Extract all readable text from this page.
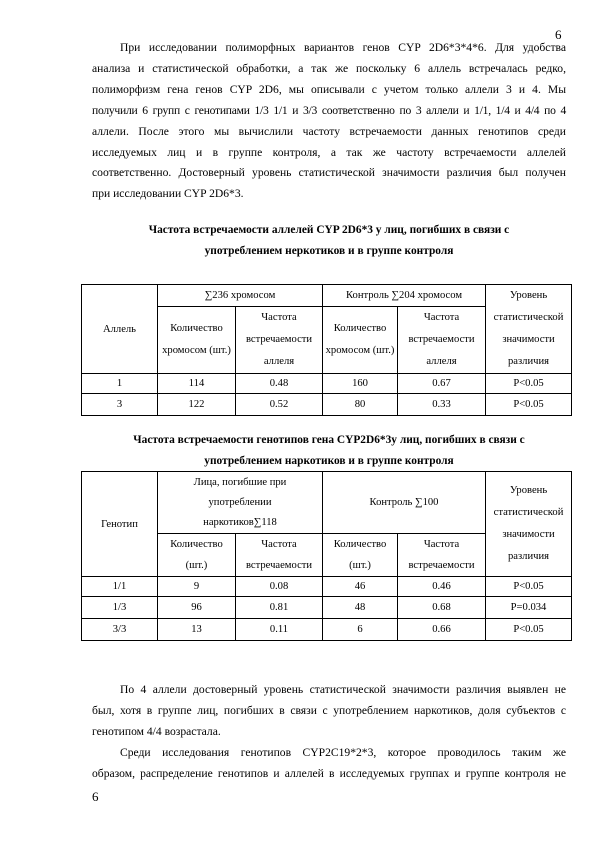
6
При исследовании полиморфных вариантов генов CYP 2D6*3*4*6. Для удобства
анализа и статистической обработки, а так же поскольку 6 аллель встречалась редко,
полиморфизм гена генов CYP 2D6, мы описывали с учетом только аллели 3 и 4. Мы
получили 6 групп с генотипами 1/3 1/1 и 3/3 соответственно по 3 аллели и 1/1, 1/4 и 4/4 по 4
аллели. После этого мы вычислили частоту встречаемости данных генотипов среди
исследуемых лиц и в группе контроля, а так же частоту встречаемости аллелей
соответственно. Достоверный уровень статистической значимости различия был получен
при исследовании CYP 2D6*3.
Частота встречаемости аллелей CYP 2D6*3 у лиц, погибших в связи с
употреблением неркотиков и в группе контроля
Аллель	∑236 хромосом		Контроль ∑204 хромосом		Уровень статистической значимости различия
	Количество хромосом (шт.)	Частота встречаемости аллеля	Количество хромосом (шт.)	Частота встречаемости аллеля	
1	114	0.48	160	0.67	P<0.05
3	122	0.52	80	0.33	P<0.05
Частота встречаемости генотипов гена CYP2D6*3у лиц, погибших в связи с
употреблением наркотиков и в группе контроля
Генотип	Лица, погибшие при употреблении наркотиков∑118		Контроль ∑100		Уровень статистической значимости различия
	Количество (шт.)	Частота встречаемости	Количество (шт.)	Частота встречаемости	
1/1	9	0.08	46	0.46	P<0.05
1/3	96	0.81	48	0.68	P=0.034
3/3	13	0.11	6	0.66	P<0.05
По 4 аллели достоверный уровень статистической значимости различия выявлен не
был, хотя в группе лиц, погибших в связи с употреблением наркотиков, доля субъектов с
генотипом 4/4 возрастала.
Среди исследования генотипов CYP2C19*2*3, которое проводилось таким же
образом, распределение генотипов и аллелей в исследуемых группах и группе контроля не
6
